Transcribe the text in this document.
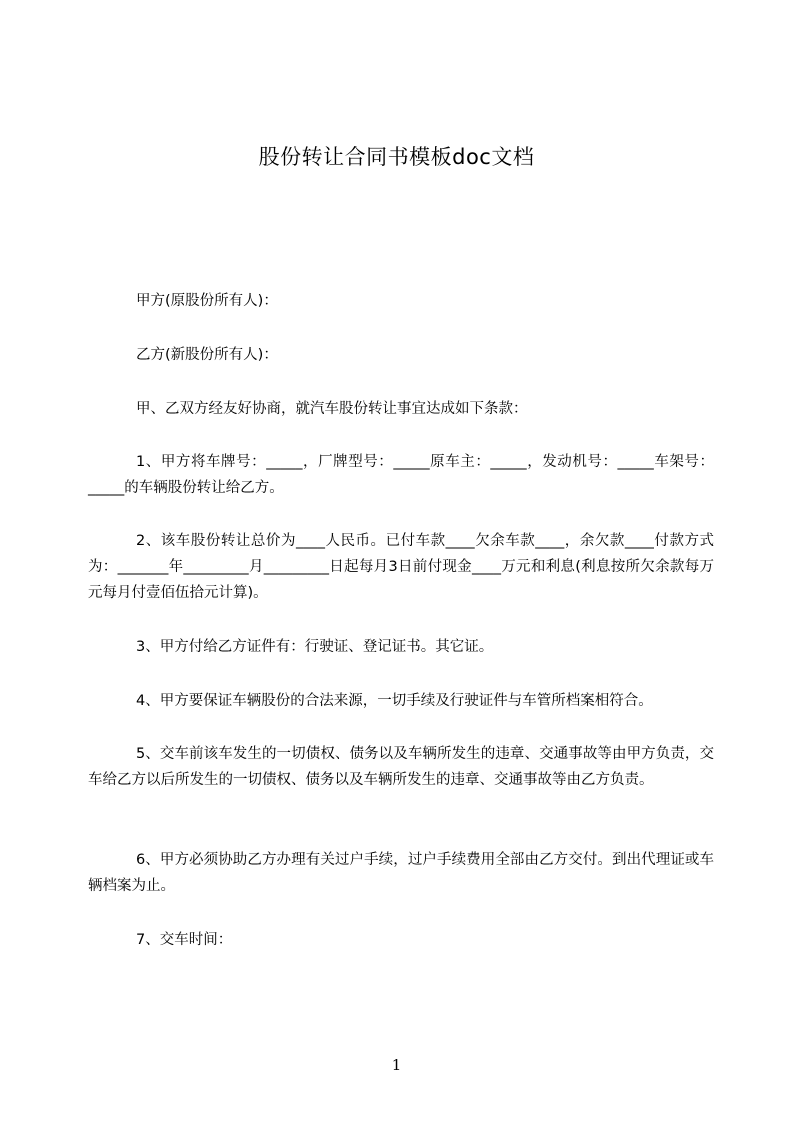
股份转让合同书模板doc文档
甲方(原股份所有人)：
乙方(新股份所有人)：
甲、乙双方经友好协商，就汽车股份转让事宜达成如下条款：
1、甲方将车牌号：_____，厂牌型号：_____原车主：_____，发动机号：_____车架号：_____的车辆股份转让给乙方。
2、该车股份转让总价为____人民币。已付车款____欠余车款____，余欠款____付款方式为：_______年_________月_________日起每月3日前付现金____万元和利息(利息按所欠余款每万元每月付壹佰伍拾元计算)。
3、甲方付给乙方证件有：行驶证、登记证书。其它证。
4、甲方要保证车辆股份的合法来源，一切手续及行驶证件与车管所档案相符合。
5、交车前该车发生的一切债权、债务以及车辆所发生的违章、交通事故等由甲方负责，交车给乙方以后所发生的一切债权、债务以及车辆所发生的违章、交通事故等由乙方负责。
6、甲方必须协助乙方办理有关过户手续，过户手续费用全部由乙方交付。到出代理证或车辆档案为止。
7、交车时间：
1
